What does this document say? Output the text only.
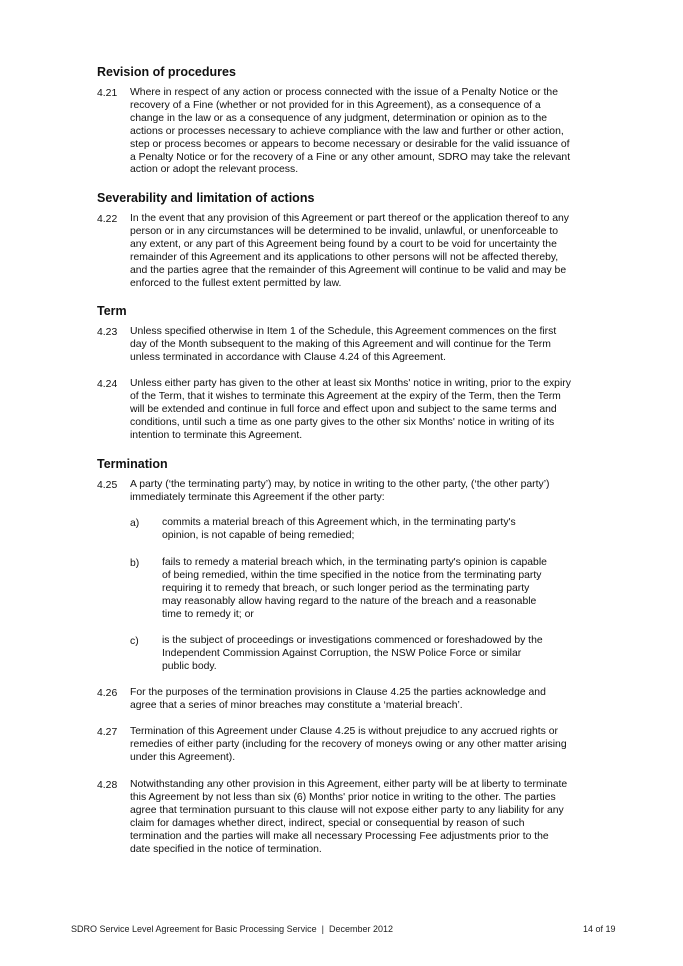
Revision of procedures
4.21 Where in respect of any action or process connected with the issue of a Penalty Notice or the
recovery of a Fine (whether or not provided for in this Agreement), as a consequence of a
change in the law or as a consequence of any judgment, determination or opinion as to the
actions or processes necessary to achieve compliance with the law and further or other action,
step or process becomes or appears to become necessary or desirable for the valid issuance of
a Penalty Notice or for the recovery of a Fine or any other amount, SDRO may take the relevant
action or adopt the relevant process.
Severability and limitation of actions
4.22 In the event that any provision of this Agreement or part thereof or the application thereof to any
person or in any circumstances will be determined to be invalid, unlawful, or unenforceable to
any extent, or any part of this Agreement being found by a court to be void for uncertainty the
remainder of this Agreement and its applications to other persons will not be affected thereby,
and the parties agree that the remainder of this Agreement will continue to be valid and may be
enforced to the fullest extent permitted by law.
Term
4.23 Unless specified otherwise in Item 1 of the Schedule, this Agreement commences on the first
day of the Month subsequent to the making of this Agreement and will continue for the Term
unless terminated in accordance with Clause 4.24 of this Agreement.
4.24 Unless either party has given to the other at least six Months' notice in writing, prior to the expiry
of the Term, that it wishes to terminate this Agreement at the expiry of the Term, then the Term
will be extended and continue in full force and effect upon and subject to the same terms and
conditions, until such a time as one party gives to the other six Months' notice in writing of its
intention to terminate this Agreement.
Termination
4.25 A party (‘the terminating party’) may, by notice in writing to the other party, (‘the other party’)
immediately terminate this Agreement if the other party:
a) commits a material breach of this Agreement which, in the terminating party's
opinion, is not capable of being remedied;
b) fails to remedy a material breach which, in the terminating party's opinion is capable
of being remedied, within the time specified in the notice from the terminating party
requiring it to remedy that breach, or such longer period as the terminating party
may reasonably allow having regard to the nature of the breach and a reasonable
time to remedy it; or
c) is the subject of proceedings or investigations commenced or foreshadowed by the
Independent Commission Against Corruption, the NSW Police Force or similar
public body.
4.26 For the purposes of the termination provisions in Clause 4.25 the parties acknowledge and
agree that a series of minor breaches may constitute a ‘material breach’.
4.27 Termination of this Agreement under Clause 4.25 is without prejudice to any accrued rights or
remedies of either party (including for the recovery of moneys owing or any other matter arising
under this Agreement).
4.28 Notwithstanding any other provision in this Agreement, either party will be at liberty to terminate
this Agreement by not less than six (6) Months' prior notice in writing to the other. The parties
agree that termination pursuant to this clause will not expose either party to any liability for any
claim for damages whether direct, indirect, special or consequential by reason of such
termination and the parties will make all necessary Processing Fee adjustments prior to the
date specified in the notice of termination.
SDRO Service Level Agreement for Basic Processing Service  |  December 2012	14 of 19
